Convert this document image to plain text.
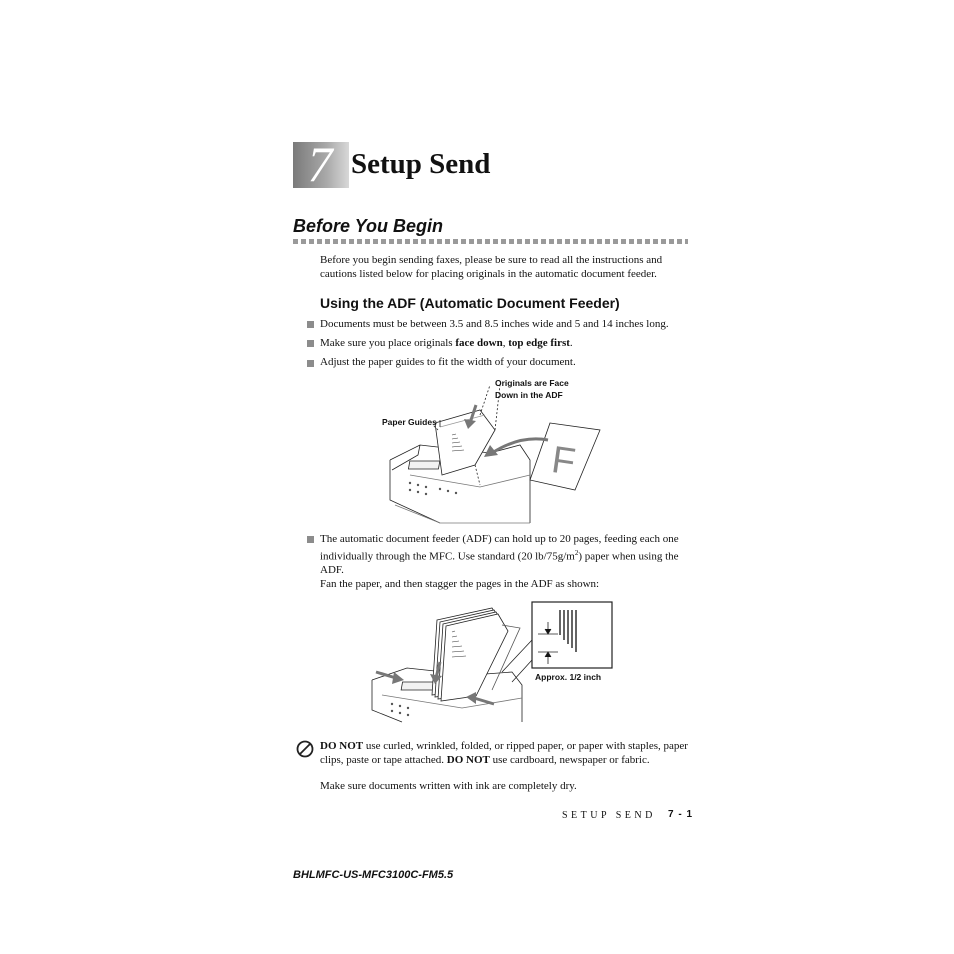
7 Setup Send
Before You Begin
Before you begin sending faxes, please be sure to read all the instructions and cautions listed below for placing originals in the automatic document feeder.
Using the ADF (Automatic Document Feeder)
Documents must be between 3.5 and 8.5 inches wide and 5 and 14 inches long.
Make sure you place originals face down, top edge first.
Adjust the paper guides to fit the width of your document.
F
Originals are Face
Down in the ADF
Paper Guides
The automatic document feeder (ADF) can hold up to 20 pages, feeding each one individually through the MFC. Use standard (20 $lb/75g/m^2$) paper when using the ADF.
Fan the paper, and then stagger the pages in the ADF as shown:
Approx. 1/2 inch
DO NOT use curled, wrinkled, folded, or ripped paper, or paper with staples, paper clips, paste or tape attached. DO NOT use cardboard, newspaper or fabric.
Make sure documents written with ink are completely dry.
SETUP SEND 7 - 1
BHLMFC-US-MFC3100C-FM5.5
